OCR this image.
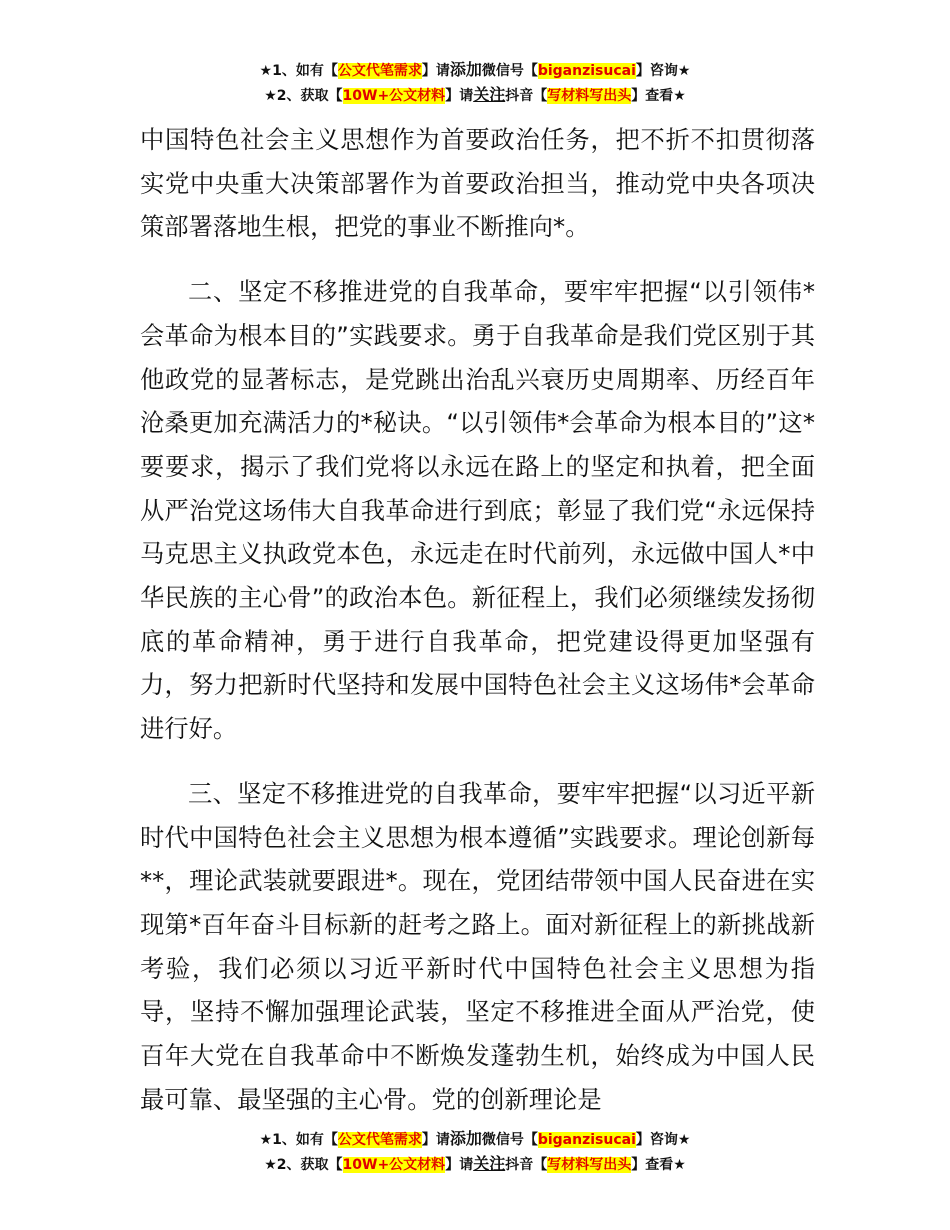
★1、如有【公文代笔需求】请添加微信号【biganzisucai】咨询★
★2、获取【10W+公文材料】请关注抖音【写材料写出头】查看★

中国特色社会主义思想作为首要政治任务，把不折不扣贯彻落实党中央重大决策部署作为首要政治担当，推动党中央各项决策部署落地生根，把党的事业不断推向*。

二、坚定不移推进党的自我革命，要牢牢把握“以引领伟*会革命为根本目的”实践要求。勇于自我革命是我们党区别于其他政党的显著标志，是党跳出治乱兴衰历史周期率、历经百年沧桑更加充满活力的*秘诀。“以引领伟*会革命为根本目的”这*要要求，揭示了我们党将以永远在路上的坚定和执着，把全面从严治党这场伟大自我革命进行到底；彰显了我们党“永远保持马克思主义执政党本色，永远走在时代前列，永远做中国人*中华民族的主心骨”的政治本色。新征程上，我们必须继续发扬彻底的革命精神，勇于进行自我革命，把党建设得更加坚强有力，努力把新时代坚持和发展中国特色社会主义这场伟*会革命进行好。

三、坚定不移推进党的自我革命，要牢牢把握“以习近平新时代中国特色社会主义思想为根本遵循”实践要求。理论创新每**，理论武装就要跟进*。现在，党团结带领中国人民奋进在实现第*百年奋斗目标新的赶考之路上。面对新征程上的新挑战新考验，我们必须以习近平新时代中国特色社会主义思想为指导，坚持不懈加强理论武装，坚定不移推进全面从严治党，使百年大党在自我革命中不断焕发蓬勃生机，始终成为中国人民最可靠、最坚强的主心骨。党的创新理论是

★1、如有【公文代笔需求】请添加微信号【biganzisucai】咨询★
★2、获取【10W+公文材料】请关注抖音【写材料写出头】查看★
